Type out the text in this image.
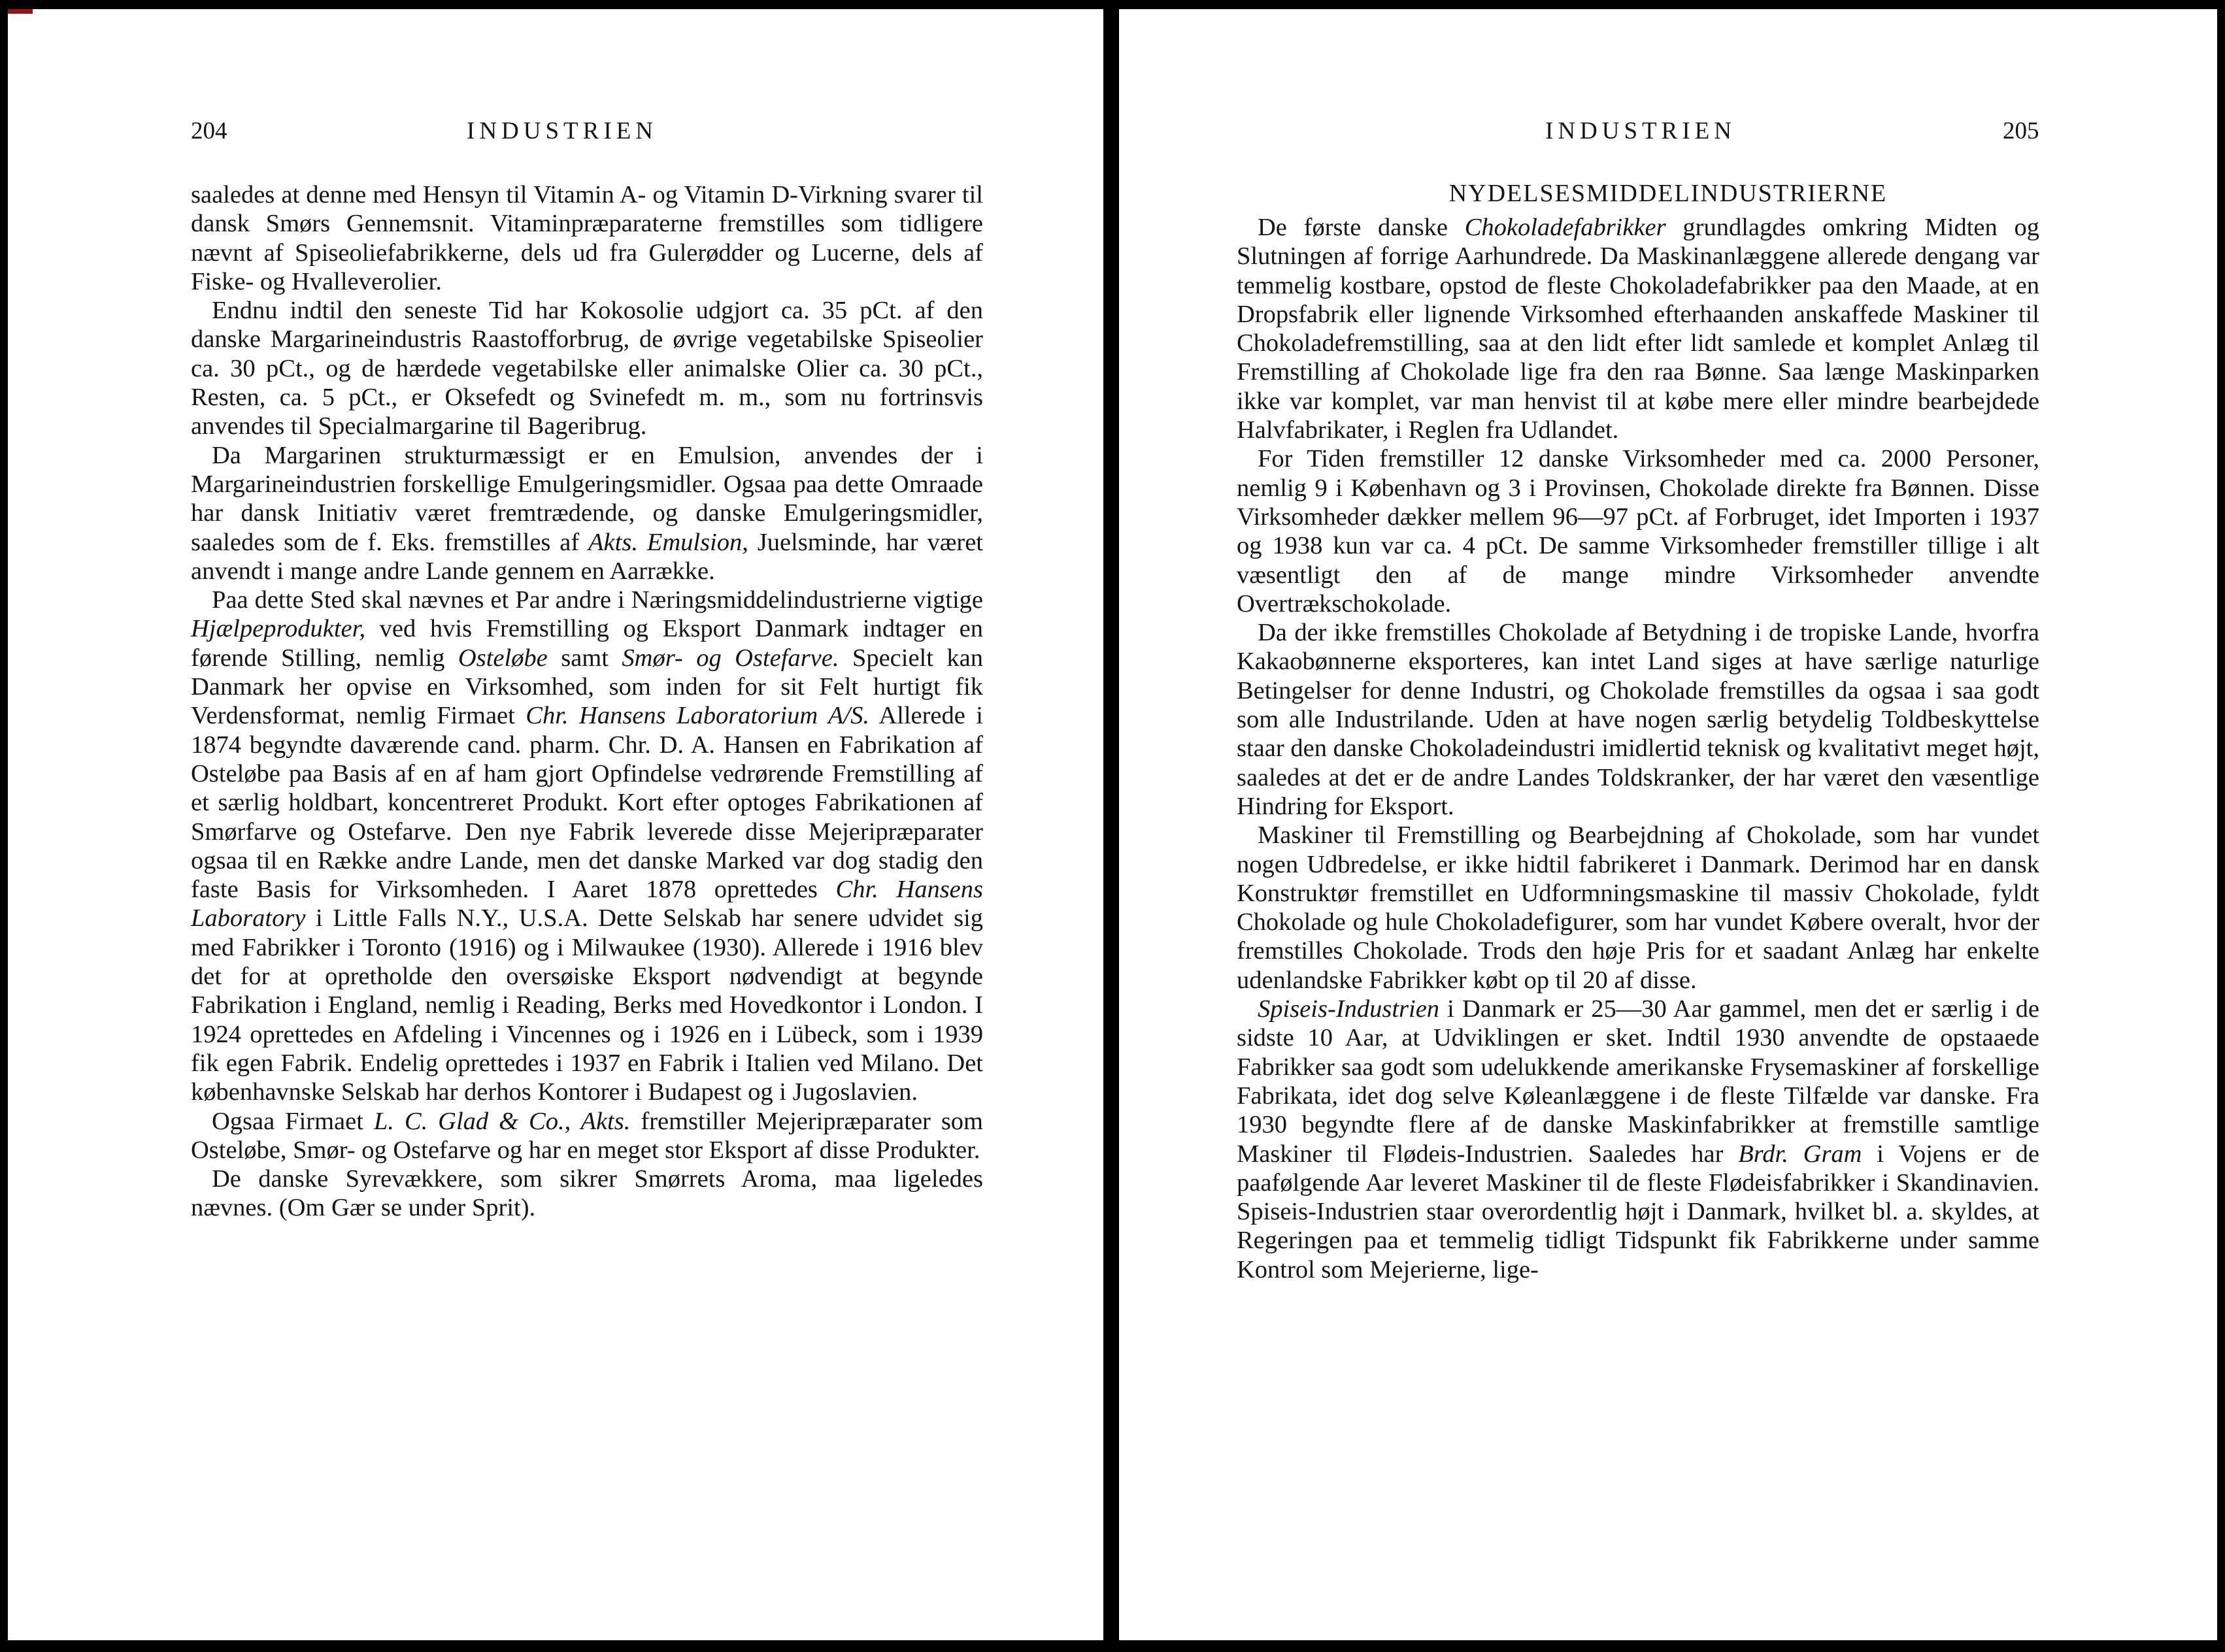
204	INDUSTRIEN

saaledes at denne med Hensyn til Vitamin A- og Vitamin D-Virkning svarer til dansk Smørs Gennemsnit. Vitaminpræparaterne fremstilles som tidligere nævnt af Spiseoliefabrikkerne, dels ud fra Gulerødder og Lucerne, dels af Fiske- og Hvalleverolier.

Endnu indtil den seneste Tid har Kokosolie udgjort ca. 35 pCt. af den danske Margarineindustris Raastofforbrug, de øvrige vegetabilske Spiseolier ca. 30 pCt., og de hærdede vegetabilske eller animalske Olier ca. 30 pCt., Resten, ca. 5 pCt., er Oksefedt og Svinefedt m. m., som nu fortrinsvis anvendes til Specialmargarine til Bageribrug.

Da Margarinen strukturmæssigt er en Emulsion, anvendes der i Margarineindustrien forskellige Emulgeringsmidler. Ogsaa paa dette Omraade har dansk Initiativ været fremtrædende, og danske Emulgeringsmidler, saaledes som de f. Eks. fremstilles af Akts. Emulsion, Juelsminde, har været anvendt i mange andre Lande gennem en Aarrække.

Paa dette Sted skal nævnes et Par andre i Næringsmiddelindustrierne vigtige Hjælpeprodukter, ved hvis Fremstilling og Eksport Danmark indtager en førende Stilling, nemlig Osteløbe samt Smør- og Ostefarve. Specielt kan Danmark her opvise en Virksomhed, som inden for sit Felt hurtigt fik Verdensformat, nemlig Firmaet Chr. Hansens Laboratorium A/S. Allerede i 1874 begyndte daværende cand. pharm. Chr. D. A. Hansen en Fabrikation af Osteløbe paa Basis af en af ham gjort Opfindelse vedrørende Fremstilling af et særlig holdbart, koncentreret Produkt. Kort efter optoges Fabrikationen af Smørfarve og Ostefarve. Den nye Fabrik leverede disse Mejeripræparater ogsaa til en Række andre Lande, men det danske Marked var dog stadig den faste Basis for Virksomheden. I Aaret 1878 oprettedes Chr. Hansens Laboratory i Little Falls N.Y., U.S.A. Dette Selskab har senere udvidet sig med Fabrikker i Toronto (1916) og i Milwaukee (1930). Allerede i 1916 blev det for at opretholde den oversøiske Eksport nødvendigt at begynde Fabrikation i England, nemlig i Reading, Berks med Hovedkontor i London. I 1924 oprettedes en Afdeling i Vincennes og i 1926 en i Lübeck, som i 1939 fik egen Fabrik. Endelig oprettedes i 1937 en Fabrik i Italien ved Milano. Det københavnske Selskab har derhos Kontorer i Budapest og i Jugoslavien.

Ogsaa Firmaet L. C. Glad & Co., Akts. fremstiller Mejeripræparater som Osteløbe, Smør- og Ostefarve og har en meget stor Eksport af disse Produkter.

De danske Syrevækkere, som sikrer Smørrets Aroma, maa ligeledes nævnes. (Om Gær se under Sprit).

INDUSTRIEN	205
NYDELSESMIDDELINDUSTRIERNE

De første danske Chokoladefabrikker grundlagdes omkring Midten og Slutningen af forrige Aarhundrede. Da Maskinanlæggene allerede dengang var temmelig kostbare, opstod de fleste Chokoladefabrikker paa den Maade, at en Dropsfabrik eller lignende Virksomhed efterhaanden anskaffede Maskiner til Chokoladefremstilling, saa at den lidt efter lidt samlede et komplet Anlæg til Fremstilling af Chokolade lige fra den raa Bønne. Saa længe Maskinparken ikke var komplet, var man henvist til at købe mere eller mindre bearbejdede Halvfabrikater, i Reglen fra Udlandet.

For Tiden fremstiller 12 danske Virksomheder med ca. 2000 Personer, nemlig 9 i København og 3 i Provinsen, Chokolade direkte fra Bønnen. Disse Virksomheder dækker mellem 96—97 pCt. af Forbruget, idet Importen i 1937 og 1938 kun var ca. 4 pCt. De samme Virksomheder fremstiller tillige i alt væsentligt den af de mange mindre Virksomheder anvendte Overtrækschokolade.

Da der ikke fremstilles Chokolade af Betydning i de tropiske Lande, hvorfra Kakaobønnerne eksporteres, kan intet Land siges at have særlige naturlige Betingelser for denne Industri, og Chokolade fremstilles da ogsaa i saa godt som alle Industrilande. Uden at have nogen særlig betydelig Toldbeskyttelse staar den danske Chokoladeindustri imidlertid teknisk og kvalitativt meget højt, saaledes at det er de andre Landes Toldskranker, der har været den væsentlige Hindring for Eksport.

Maskiner til Fremstilling og Bearbejdning af Chokolade, som har vundet nogen Udbredelse, er ikke hidtil fabrikeret i Danmark. Derimod har en dansk Konstruktør fremstillet en Udformningsmaskine til massiv Chokolade, fyldt Chokolade og hule Chokoladefigurer, som har vundet Købere overalt, hvor der fremstilles Chokolade. Trods den høje Pris for et saadant Anlæg har enkelte udenlandske Fabrikker købt op til 20 af disse.

Spiseis-Industrien i Danmark er 25—30 Aar gammel, men det er særlig i de sidste 10 Aar, at Udviklingen er sket. Indtil 1930 anvendte de opstaaede Fabrikker saa godt som udelukkende amerikanske Frysemaskiner af forskellige Fabrikata, idet dog selve Køleanlæggene i de fleste Tilfælde var danske. Fra 1930 begyndte flere af de danske Maskinfabrikker at fremstille samtlige Maskiner til Flødeis-Industrien. Saaledes har Brdr. Gram i Vojens er de paafølgende Aar leveret Maskiner til de fleste Flødeisfabrikker i Skandinavien. Spiseis-Industrien staar overordentlig højt i Danmark, hvilket bl. a. skyldes, at Regeringen paa et temmelig tidligt Tidspunkt fik Fabrikkerne under samme Kontrol som Mejerierne, lige-
